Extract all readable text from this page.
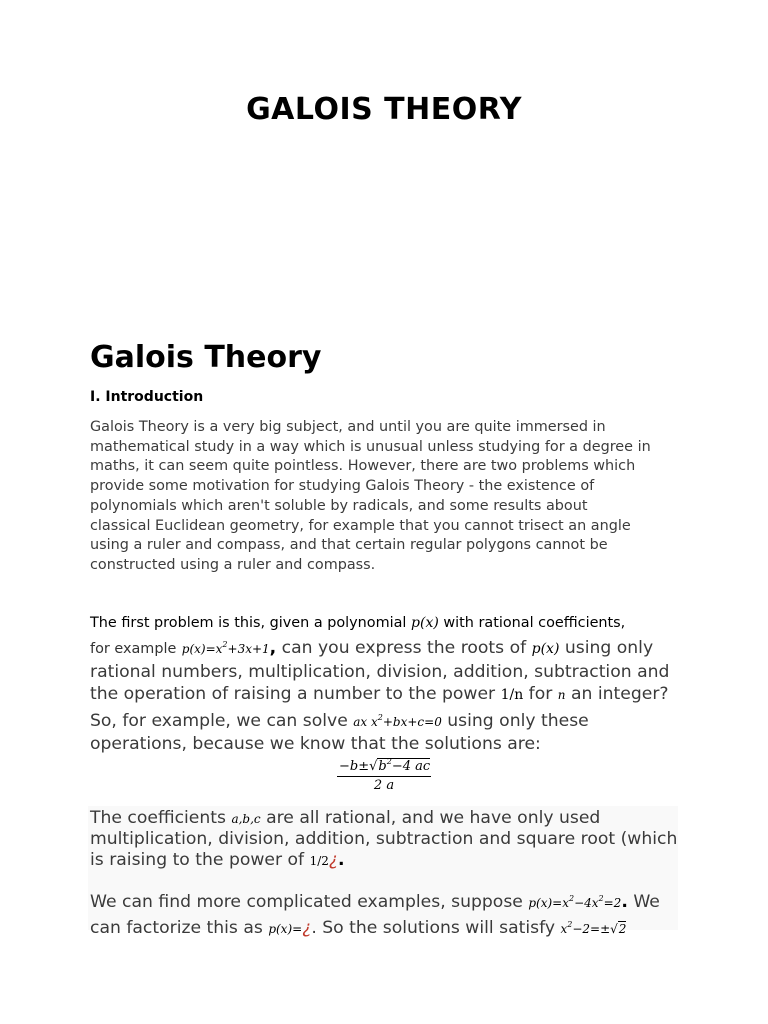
GALOIS THEORY
Galois Theory
I. Introduction
Galois Theory is a very big subject, and until you are quite immersed in
mathematical study in a way which is unusual unless studying for a degree in
maths, it can seem quite pointless. However, there are two problems which
provide some motivation for studying Galois Theory - the existence of
polynomials which aren't soluble by radicals, and some results about
classical Euclidean geometry, for example that you cannot trisect an angle
using a ruler and compass, and that certain regular polygons cannot be
constructed using a ruler and compass.
The first problem is this, given a polynomial p(x) with rational coefficients,
for example $p(x)=x^2+3x+1$, can you express the roots of p(x) using only rational numbers, multiplication, division, addition, subtraction and the operation of raising a number to the power 1/n for n an integer? So, for example, we can solve ax $x^2+bx+c=0$ using only these operations, because we know that the solutions are:
$\frac{-b\pm√b^2-4 ac}{2 a}$
The coefficients a,b,c are all rational, and we have only used multiplication, division, addition, subtraction and square root (which is raising to the power of 1/2¿.
We can find more complicated examples, suppose $p(x)=x^2-4x^2=2$. We can factorize this as p(x)=¿. So the solutions will satisfy $x^2-2=\pm√2$
